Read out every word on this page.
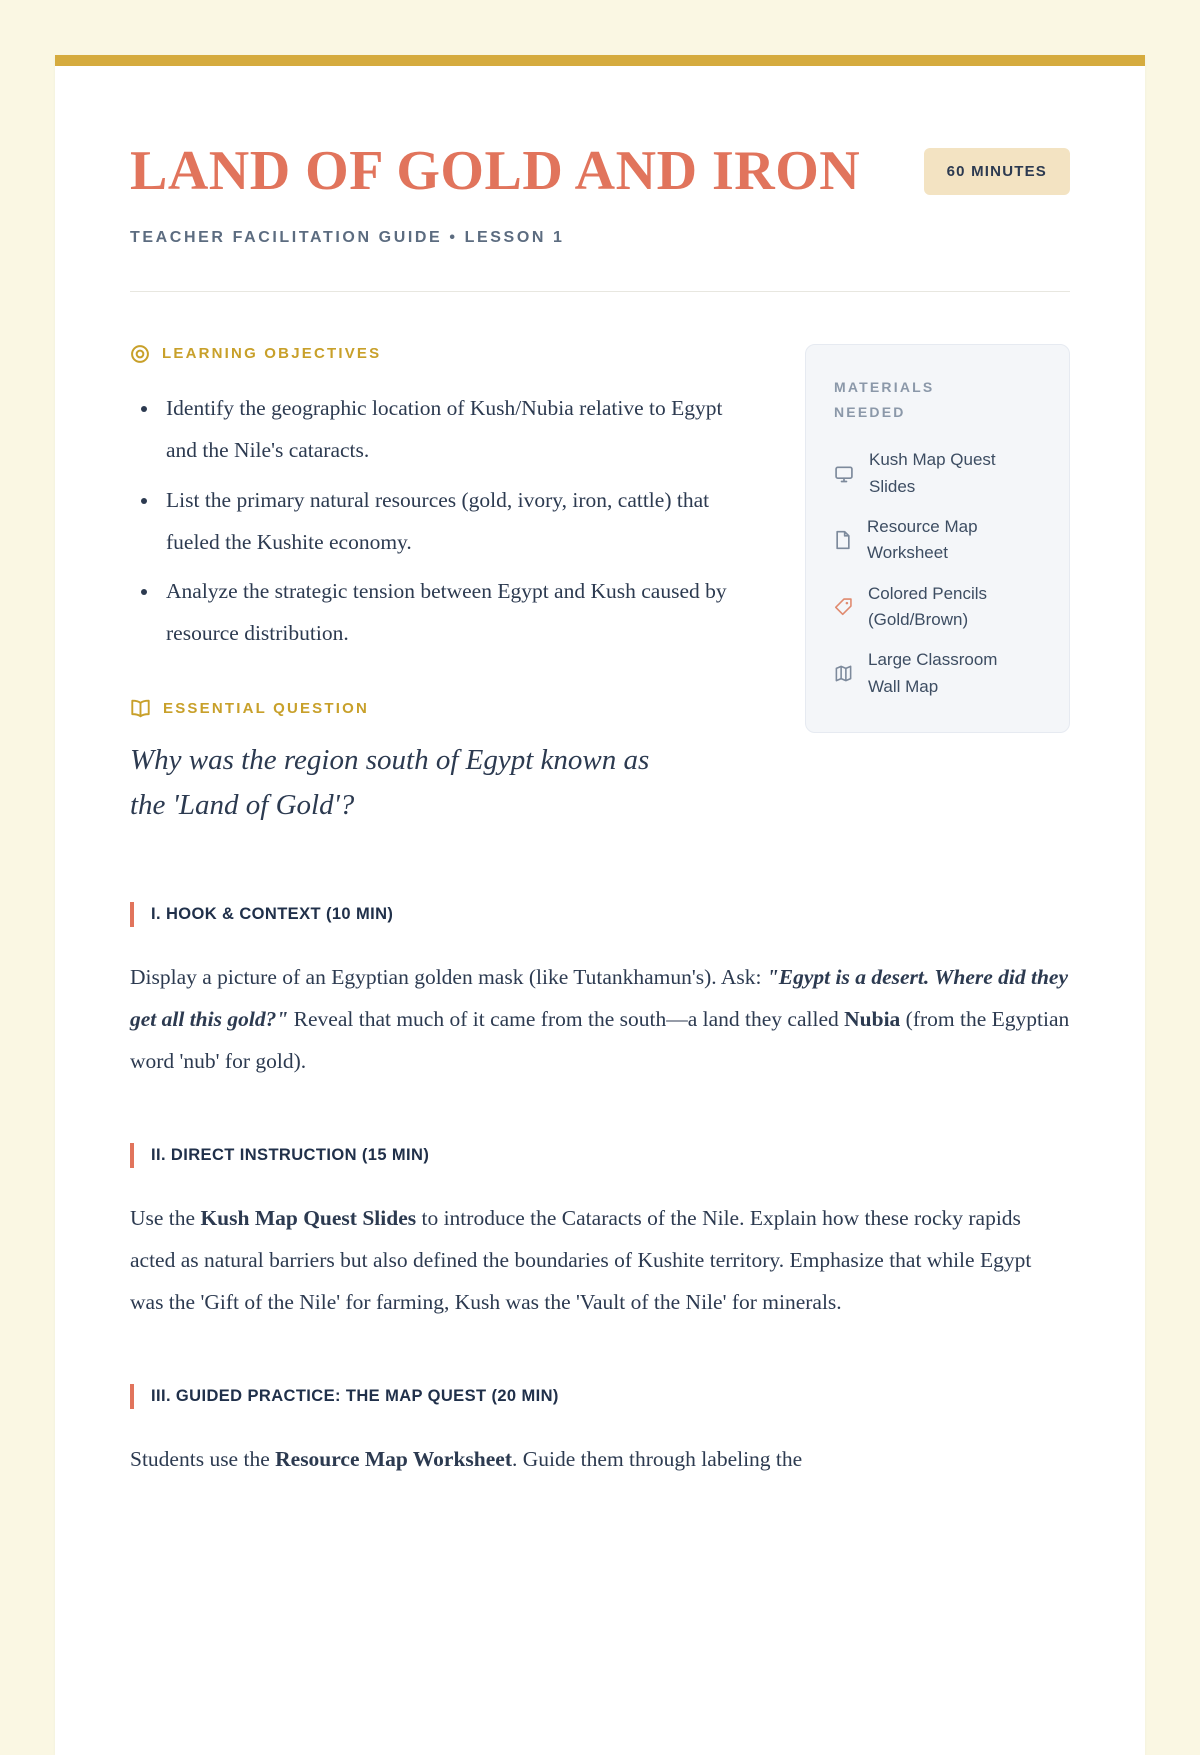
LAND OF GOLD AND IRON	60 MINUTES
TEACHER FACILITATION GUIDE • LESSON 1
LEARNING OBJECTIVES
• Identify the geographic location of Kush/Nubia relative to Egypt and the Nile's cataracts.
• List the primary natural resources (gold, ivory, iron, cattle) that fueled the Kushite economy.
• Analyze the strategic tension between Egypt and Kush caused by resource distribution.
ESSENTIAL QUESTION

Why was the region south of Egypt known as the 'Land of Gold'?

MATERIALS NEEDED
Kush Map Quest Slides
Resource Map Worksheet
Colored Pencils (Gold/Brown)
Large Classroom Wall Map
I. HOOK & CONTEXT (10 MIN)

Display a picture of an Egyptian golden mask (like Tutankhamun's). Ask: "Egypt is a desert. Where did they get all this gold?" Reveal that much of it came from the south—a land they called Nubia (from the Egyptian word 'nub' for gold).

II. DIRECT INSTRUCTION (15 MIN)

Use the Kush Map Quest Slides to introduce the Cataracts of the Nile. Explain how these rocky rapids acted as natural barriers but also defined the boundaries of Kushite territory. Emphasize that while Egypt was the 'Gift of the Nile' for farming, Kush was the 'Vault of the Nile' for minerals.

III. GUIDED PRACTICE: THE MAP QUEST (20 MIN)

Students use the Resource Map Worksheet. Guide them through labeling the
